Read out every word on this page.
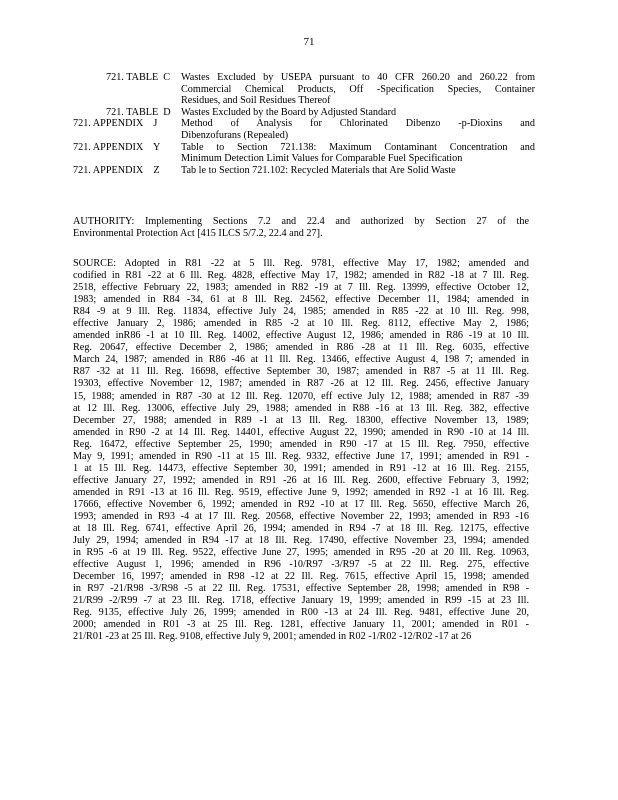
71
721. TABLE  C	Wastes Excluded by USEPA pursuant to 40 CFR 260.20 and 260.22 from
Commercial Chemical Products, Off -Specification Species, Container
Residues, and Soil Residues Thereof
721. TABLE  D	Wastes Excluded by the Board by Adjusted Standard
721. APPENDIX    J	Method of Analysis for Chlorinated Dibenzo -p-Dioxins and
Dibenzofurans (Repealed)
721. APPENDIX    Y	Table to Section 721.138: Maximum Contaminant Concentration and
Minimum Detection Limit Values for Comparable Fuel Specification
721. APPENDIX    Z	Tab le to Section 721.102: Recycled Materials that Are Solid Waste
AUTHORITY: Implementing Sections 7.2 and 22.4 and authorized by Section 27 of the
Environmental Protection Act [415 ILCS 5/7.2, 22.4 and 27].
SOURCE: Adopted in R81 -22 at 5 Ill. Reg. 9781, effective May 17, 1982; amended and
codified in R81 -22 at 6 Ill. Reg. 4828, effective May 17, 1982; amended in R82 -18 at 7 Ill. Reg.
2518, effective February 22, 1983; amended in R82 -19 at 7 Ill. Reg. 13999, effective October 12,
1983; amended in R84 -34, 61 at 8 Ill. Reg. 24562, effective December 11, 1984; amended in
R84 -9 at 9 Ill. Reg. 11834, effective July 24, 1985; amended in R85 -22 at 10 Ill. Reg. 998,
effective January 2, 1986; amended in R85 -2 at 10 Ill. Reg. 8112, effective May 2, 1986;
amended inR86 -1 at 10 Ill. Reg. 14002, effective August 12, 1986; amended in R86 -19 at 10 Ill.
Reg. 20647, effective December 2, 1986; amended in R86 -28 at 11 Ill. Reg. 6035, effective
March 24, 1987; amended in R86 -46 at 11 Ill. Reg. 13466, effective August 4, 198 7; amended in
R87 -32 at 11 Ill. Reg. 16698, effective September 30, 1987; amended in R87 -5 at 11 Ill. Reg.
19303, effective November 12, 1987; amended in R87 -26 at 12 Ill. Reg. 2456, effective January
15, 1988; amended in R87 -30 at 12 Ill. Reg. 12070, eff ective July 12, 1988; amended in R87 -39
at 12 Ill. Reg. 13006, effective July 29, 1988; amended in R88 -16 at 13 Ill. Reg. 382, effective
December 27, 1988; amended in R89 -1 at 13 Ill. Reg. 18300, effective November 13, 1989;
amended in R90 -2 at 14 Ill. Reg. 14401, effective August 22, 1990; amended in R90 -10 at 14 Ill.
Reg. 16472, effective September 25, 1990; amended in R90 -17 at 15 Ill. Reg. 7950, effective
May 9, 1991; amended in R90 -11 at 15 Ill. Reg. 9332, effective June 17, 1991; amended in R91 -
1 at 15 Ill. Reg. 14473, effective September 30, 1991; amended in R91 -12 at 16 Ill. Reg. 2155,
effective January 27, 1992; amended in R91 -26 at 16 Ill. Reg. 2600, effective February 3, 1992;
amended in R91 -13 at 16 Ill. Reg. 9519, effective June 9, 1992; amended in R92 -1 at 16 Ill. Reg.
17666, effective November 6, 1992; amended in R92 -10 at 17 Ill. Reg. 5650, effective March 26,
1993; amended in R93 -4 at 17 Ill. Reg. 20568, effective November 22, 1993; amended in R93 -16
at 18 Ill. Reg. 6741, effective April 26, 1994; amended in R94 -7 at 18 Ill. Reg. 12175, effective
July 29, 1994; amended in R94 -17 at 18 Ill. Reg. 17490, effective November 23, 1994; amended
in R95 -6 at 19 Ill. Reg. 9522, effective June 27, 1995; amended in R95 -20 at 20 Ill. Reg. 10963,
effective August 1, 1996; amended in R96 -10/R97 -3/R97 -5 at 22 Ill. Reg. 275, effective
December 16, 1997; amended in R98 -12 at 22 Ill. Reg. 7615, effective April 15, 1998; amended
in R97 -21/R98 -3/R98 -5 at 22 Ill. Reg. 17531, effective September 28, 1998; amended in R98 -
21/R99 -2/R99 -7 at 23 Ill. Reg. 1718, effective January 19, 1999; amended in R99 -15 at 23 Ill.
Reg. 9135, effective July 26, 1999; amended in R00 -13 at 24 Ill. Reg. 9481, effective June 20,
2000; amended in R01 -3 at 25 Ill. Reg. 1281, effective January 11, 2001; amended in R01 -
21/R01 -23 at 25 Ill. Reg. 9108, effective July 9, 2001; amended in R02 -1/R02 -12/R02 -17 at 26
